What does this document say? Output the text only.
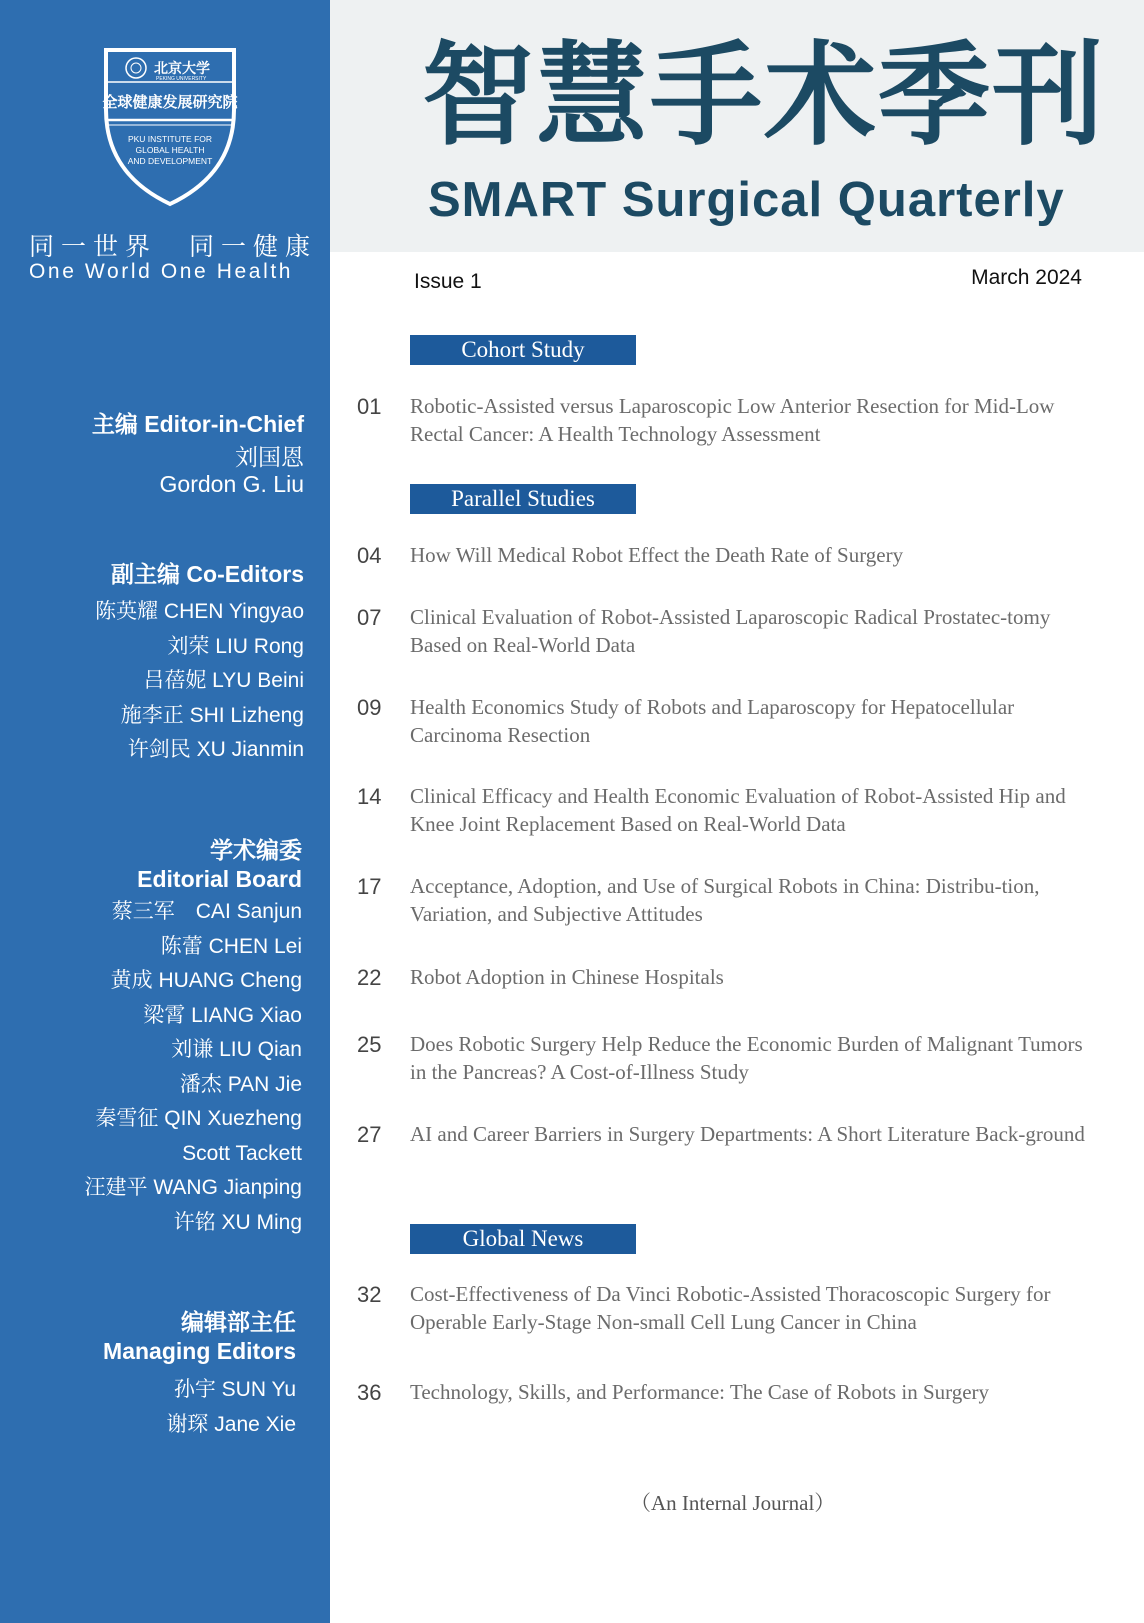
北京大学
PEKING UNIVERSITY
全球健康发展研究院
PKU INSTITUTE FOR
GLOBAL HEALTH
AND DEVELOPMENT
同一世界　同一健康
One World One Health
主编 Editor-in-Chief
刘国恩
Gordon G. Liu
副主编 Co-Editors
陈英耀 CHEN Yingyao
刘荣 LIU Rong
吕蓓妮 LYU Beini
施李正 SHI Lizheng
许剑民 XU Jianmin
学术编委
Editorial Board
蔡三军　CAI Sanjun
陈蕾 CHEN Lei
黄成 HUANG Cheng
梁霄 LIANG Xiao
刘谦 LIU Qian
潘杰 PAN Jie
秦雪征 QIN Xuezheng
Scott Tackett
汪建平 WANG Jianping
许铭 XU Ming
编辑部主任
Managing Editors
孙宇 SUN Yu
谢琛 Jane Xie
智慧手术季刊
SMART Surgical Quarterly
Issue 1	March 2024
Cohort Study
01 Robotic-Assisted versus Laparoscopic Low Anterior Resection for Mid-Low Rectal Cancer: A Health Technology Assessment
Parallel Studies
04 How Will Medical Robot Effect the Death Rate of Surgery
07 Clinical Evaluation of Robot-Assisted Laparoscopic Radical Prostatec-tomy Based on Real-World Data
09 Health Economics Study of Robots and Laparoscopy for Hepatocellular Carcinoma Resection
14 Clinical Efficacy and Health Economic Evaluation of Robot-Assisted Hip and Knee Joint Replacement Based on Real-World Data
17 Acceptance, Adoption, and Use of Surgical Robots in China: Distribu-tion, Variation, and Subjective Attitudes
22 Robot Adoption in Chinese Hospitals
25 Does Robotic Surgery Help Reduce the Economic Burden of Malignant Tumors in the Pancreas? A Cost-of-Illness Study
27 AI and Career Barriers in Surgery Departments: A Short Literature Back-ground
Global News
32 Cost-Effectiveness of Da Vinci Robotic-Assisted Thoracoscopic Surgery for Operable Early-Stage Non-small Cell Lung Cancer in China
36 Technology, Skills, and Performance: The Case of Robots in Surgery
（An Internal Journal）
